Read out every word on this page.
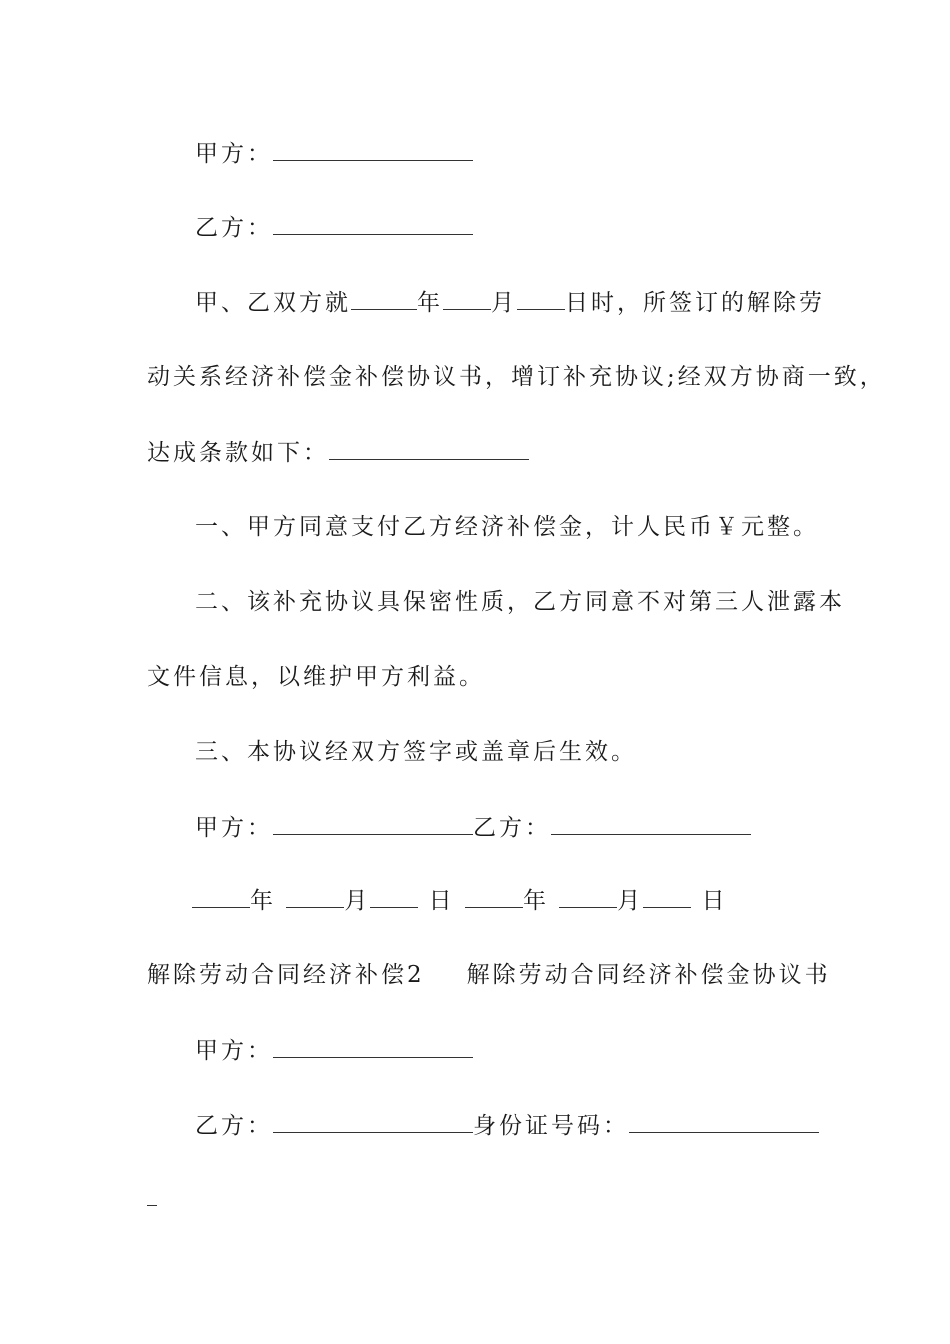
甲方：
乙方：
甲、乙双方就	年 月 日时，所签订的解除劳
动关系经济补偿金补偿协议书，增订补充协议;经双方协商一致，
达成条款如下：
一、甲方同意支付乙方经济补偿金，计人民币￥元整。
二、该补充协议具保密性质，乙方同意不对第三人泄露本
文件信息，以维护甲方利益。
三、本协议经双方签字或盖章后生效。
甲方：	乙方：
年	月	日	年	月	日
解除劳动合同经济补偿2 解除劳动合同经济补偿金协议书
甲方：
乙方：	身份证号码：
